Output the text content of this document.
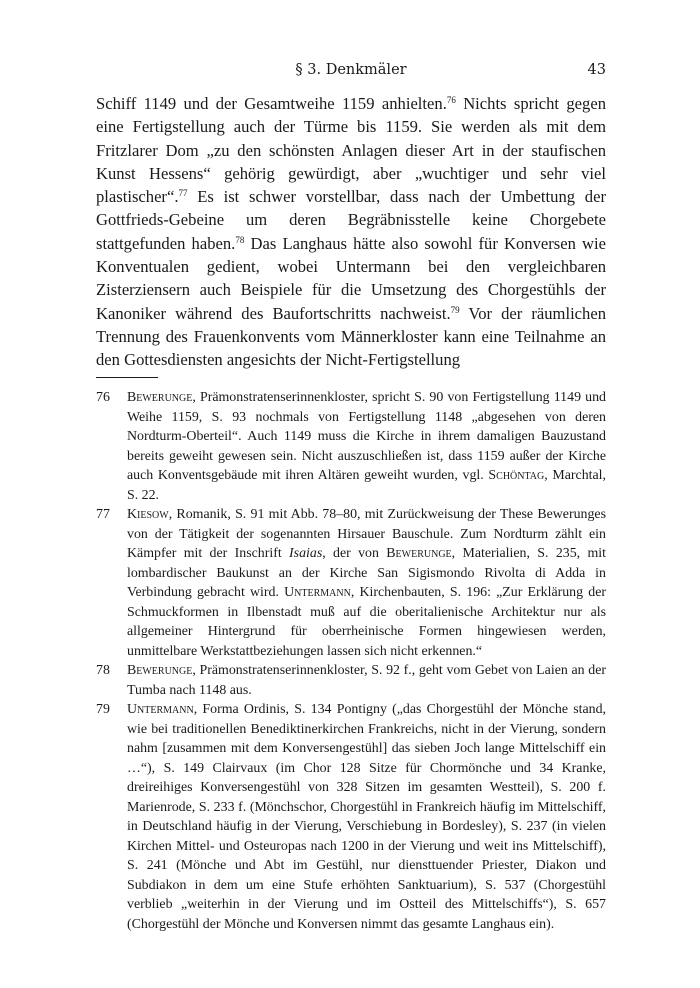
§ 3. Denkmäler	43

Schiff 1149 und der Gesamtweihe 1159 anhielten.$^{76}$ Nichts spricht gegen eine Fertigstellung auch der Türme bis 1159. Sie werden als mit dem Fritzlarer Dom „zu den schönsten Anlagen dieser Art in der staufischen Kunst Hessens“ gehörig gewürdigt, aber „wuchtiger und sehr viel plastischer“.$^{77}$ Es ist schwer vorstellbar, dass nach der Umbettung der Gottfrieds-Gebeine um deren Begräbnisstelle keine Chorgebete stattgefunden haben.$^{78}$ Das Langhaus hätte also sowohl für Konversen wie Konventualen gedient, wobei Untermann bei den vergleichbaren Zisterziensern auch Beispiele für die Umsetzung des Chorgestühls der Kanoniker während des Baufortschritts nachweist.$^{79}$ Vor der räumlichen Trennung des Frauenkonvents vom Männerkloster kann eine Teilnahme an den Gottesdiensten angesichts der Nicht-Fertigstellung

76	Bewerunge, Prämonstratenserinnenkloster, spricht S. 90 von Fertigstellung 1149 und Weihe 1159, S. 93 nochmals von Fertigstellung 1148 „abgesehen von deren Nordturm-Oberteil“. Auch 1149 muss die Kirche in ihrem damaligen Bauzustand bereits geweiht gewesen sein. Nicht auszuschließen ist, dass 1159 außer der Kirche auch Konventsgebäude mit ihren Altären geweiht wurden, vgl. Schöntag, Marchtal, S. 22.
77	Kiesow, Romanik, S. 91 mit Abb. 78–80, mit Zurückweisung der These Bewerunges von der Tätigkeit der sogenannten Hirsauer Bauschule. Zum Nordturm zählt ein Kämpfer mit der Inschrift Isaias, der von Bewerunge, Materialien, S. 235, mit lombardischer Baukunst an der Kirche San Sigismondo Rivolta di Adda in Verbindung gebracht wird. Untermann, Kirchenbauten, S. 196: „Zur Erklärung der Schmuckformen in Ilbenstadt muß auf die oberitalienische Architektur nur als allgemeiner Hintergrund für oberrheinische Formen hingewiesen werden, unmittelbare Werkstattbeziehungen lassen sich nicht erkennen.“
78	Bewerunge, Prämonstratenserinnenkloster, S. 92 f., geht vom Gebet von Laien an der Tumba nach 1148 aus.
79	Untermann, Forma Ordinis, S. 134 Pontigny („das Chorgestühl der Mönche stand, wie bei traditionellen Benediktinerkirchen Frankreichs, nicht in der Vierung, sondern nahm [zusammen mit dem Konversengestühl] das sieben Joch lange Mittelschiff ein …“), S. 149 Clairvaux (im Chor 128 Sitze für Chormönche und 34 Kranke, dreireihiges Konversengestühl von 328 Sitzen im gesamten Westteil), S. 200 f. Marienrode, S. 233 f. (Mönchschor, Chorgestühl in Frankreich häufig im Mittelschiff, in Deutschland häufig in der Vierung, Verschiebung in Bordesley), S. 237 (in vielen Kirchen Mittel- und Osteuropas nach 1200 in der Vierung und weit ins Mittelschiff), S. 241 (Mönche und Abt im Gestühl, nur diensttuender Priester, Diakon und Subdiakon in dem um eine Stufe erhöhten Sanktuarium), S. 537 (Chorgestühl verblieb „weiterhin in der Vierung und im Ostteil des Mittelschiffs“), S. 657 (Chorgestühl der Mönche und Konversen nimmt das gesamte Langhaus ein).
